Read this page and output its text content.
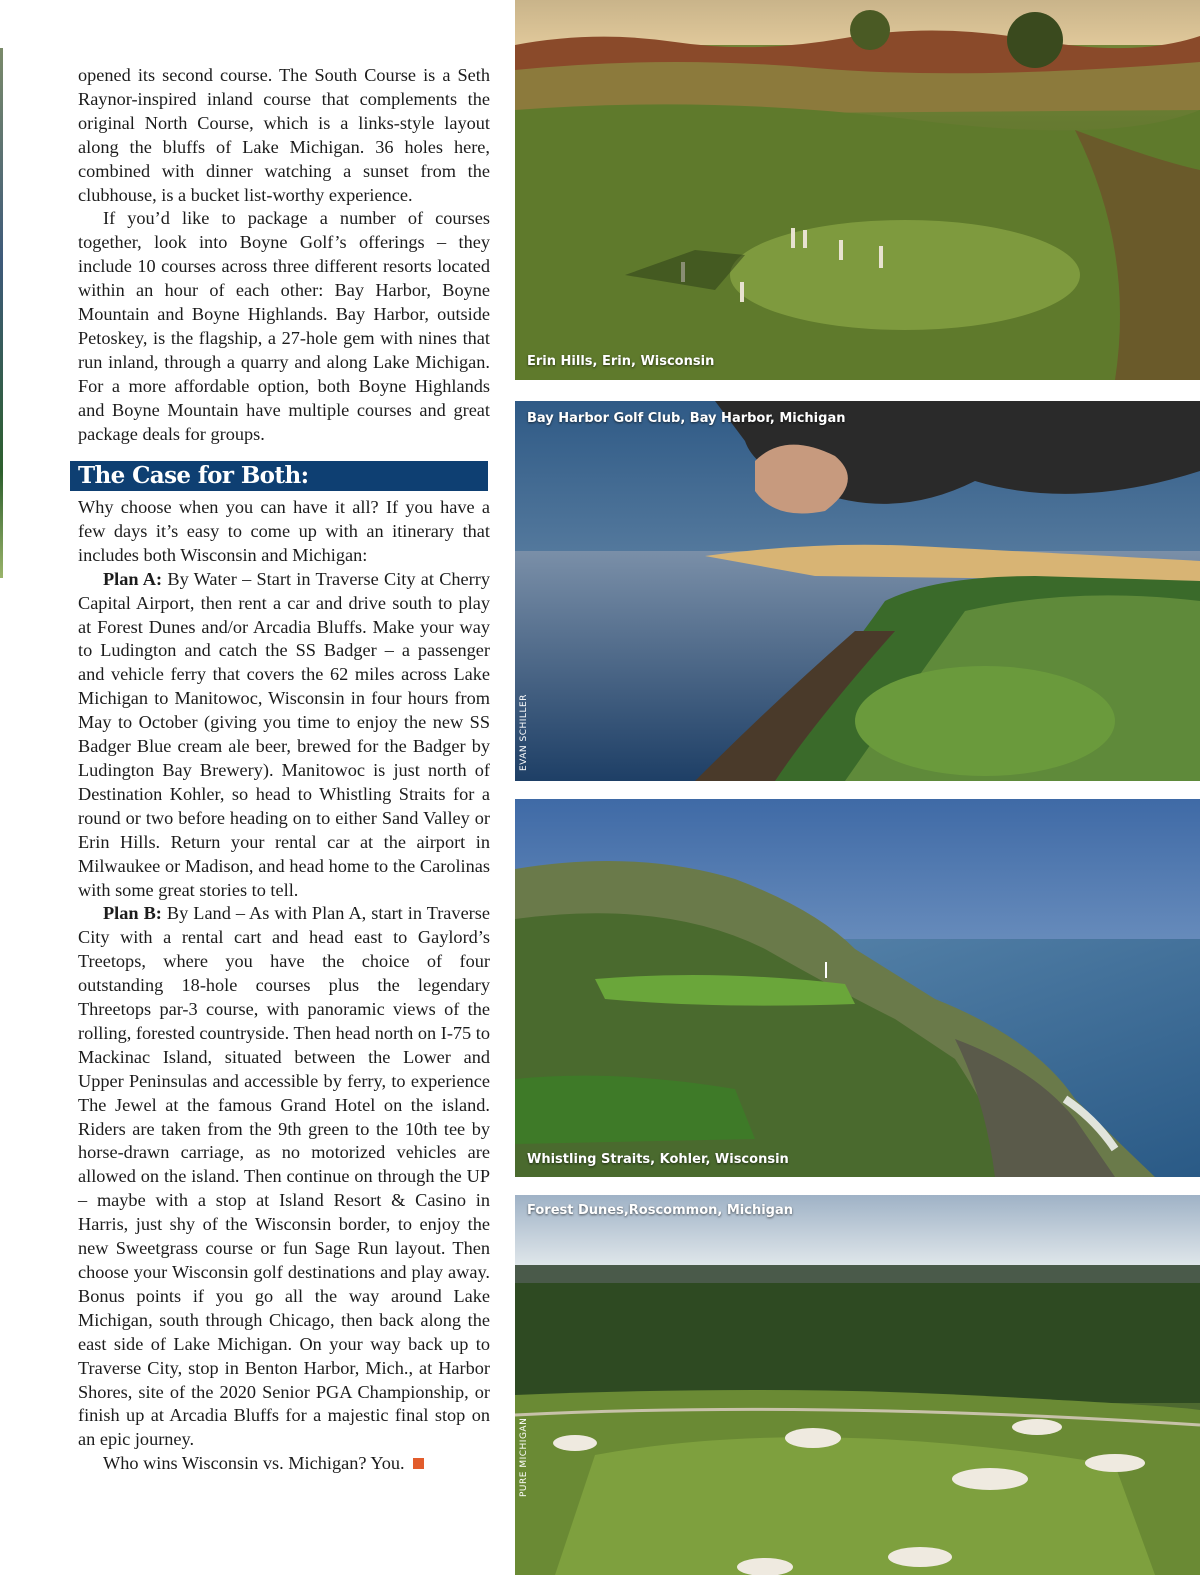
opened its second course. The South Course is a Seth Raynor-inspired inland course that complements the original North Course, which is a links-style layout along the bluffs of Lake Michigan. 36 holes here, combined with dinner watching a sunset from the clubhouse, is a bucket list-worthy experience.

If you’d like to package a number of courses together, look into Boyne Golf’s offerings – they include 10 courses across three different resorts located within an hour of each other: Bay Harbor, Boyne Mountain and Boyne Highlands. Bay Harbor, outside Petoskey, is the flagship, a 27-hole gem with nines that run inland, through a quarry and along Lake Michigan. For a more affordable option, both Boyne Highlands and Boyne Mountain have multiple courses and great package deals for groups.

The Case for Both:

Why choose when you can have it all? If you have a few days it’s easy to come up with an itinerary that includes both Wisconsin and Michigan:

Plan A: By Water – Start in Traverse City at Cherry Capital Airport, then rent a car and drive south to play at Forest Dunes and/or Arcadia Bluffs. Make your way to Ludington and catch the SS Badger – a passenger and vehicle ferry that covers the 62 miles across Lake Michigan to Manitowoc, Wisconsin in four hours from May to October (giving you time to enjoy the new SS Badger Blue cream ale beer, brewed for the Badger by Ludington Bay Brewery). Manitowoc is just north of Destination Kohler, so head to Whistling Straits for a round or two before heading on to either Sand Valley or Erin Hills. Return your rental car at the airport in Milwaukee or Madison, and head home to the Carolinas with some great stories to tell.

Plan B: By Land – As with Plan A, start in Traverse City with a rental cart and head east to Gaylord’s Treetops, where you have the choice of four outstanding 18-hole courses plus the legendary Threetops par-3 course, with panoramic views of the rolling, forested countryside. Then head north on I-75 to Mackinac Island, situated between the Lower and Upper Peninsulas and accessible by ferry, to experience The Jewel at the famous Grand Hotel on the island. Riders are taken from the 9th green to the 10th tee by horse-drawn carriage, as no motorized vehicles are allowed on the island. Then continue on through the UP – maybe with a stop at Island Resort & Casino in Harris, just shy of the Wisconsin border, to enjoy the new Sweetgrass course or fun Sage Run layout. Then choose your Wisconsin golf destinations and play away. Bonus points if you go all the way around Lake Michigan, south through Chicago, then back along the east side of Lake Michigan. On your way back up to Traverse City, stop in Benton Harbor, Mich., at Harbor Shores, site of the 2020 Senior PGA Championship, or finish up at Arcadia Bluffs for a majestic final stop on an epic journey.

Who wins Wisconsin vs. Michigan? You.

Erin Hills, Erin, Wisconsin
Bay Harbor Golf Club, Bay Harbor, Michigan
EVAN SCHILLER
Whistling Straits, Kohler, Wisconsin
Forest Dunes,Roscommon, Michigan
PURE MICHIGAN
